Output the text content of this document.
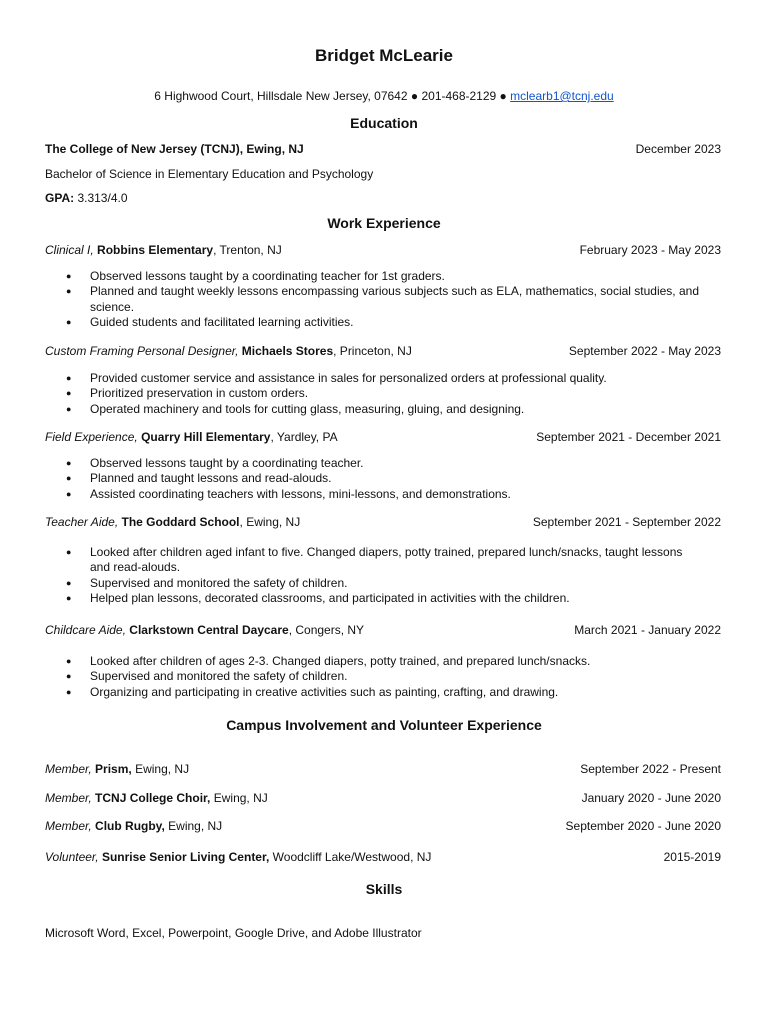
Bridget McLearie
6 Highwood Court, Hillsdale New Jersey, 07642 ● 201-468-2129 ● mclearb1@tcnj.edu
Education
The College of New Jersey (TCNJ), Ewing, NJ	December 2023
Bachelor of Science in Elementary Education and Psychology
GPA: 3.313/4.0
Work Experience
Clinical I, Robbins Elementary, Trenton, NJ	February 2023 - May 2023
● Observed lessons taught by a coordinating teacher for 1st graders.
● Planned and taught weekly lessons encompassing various subjects such as ELA, mathematics, social studies, and science.
● Guided students and facilitated learning activities.
Custom Framing Personal Designer, Michaels Stores, Princeton, NJ	September 2022 - May 2023
● Provided customer service and assistance in sales for personalized orders at professional quality.
● Prioritized preservation in custom orders.
● Operated machinery and tools for cutting glass, measuring, gluing, and designing.
Field Experience, Quarry Hill Elementary, Yardley, PA	September 2021 - December 2021
● Observed lessons taught by a coordinating teacher.
● Planned and taught lessons and read-alouds.
● Assisted coordinating teachers with lessons, mini-lessons, and demonstrations.
Teacher Aide, The Goddard School, Ewing, NJ	September 2021 - September 2022
● Looked after children aged infant to five. Changed diapers, potty trained, prepared lunch/snacks, taught lessons and read-alouds.
● Supervised and monitored the safety of children.
● Helped plan lessons, decorated classrooms, and participated in activities with the children.
Childcare Aide, Clarkstown Central Daycare, Congers, NY	March 2021 - January 2022
● Looked after children of ages 2-3. Changed diapers, potty trained, and prepared lunch/snacks.
● Supervised and monitored the safety of children.
● Organizing and participating in creative activities such as painting, crafting, and drawing.
Campus Involvement and Volunteer Experience
Member, Prism, Ewing, NJ	September 2022 - Present
Member, TCNJ College Choir, Ewing, NJ	January 2020 - June 2020
Member, Club Rugby, Ewing, NJ	September 2020 - June 2020
Volunteer, Sunrise Senior Living Center, Woodcliff Lake/Westwood, NJ	2015-2019
Skills
Microsoft Word, Excel, Powerpoint, Google Drive, and Adobe Illustrator
